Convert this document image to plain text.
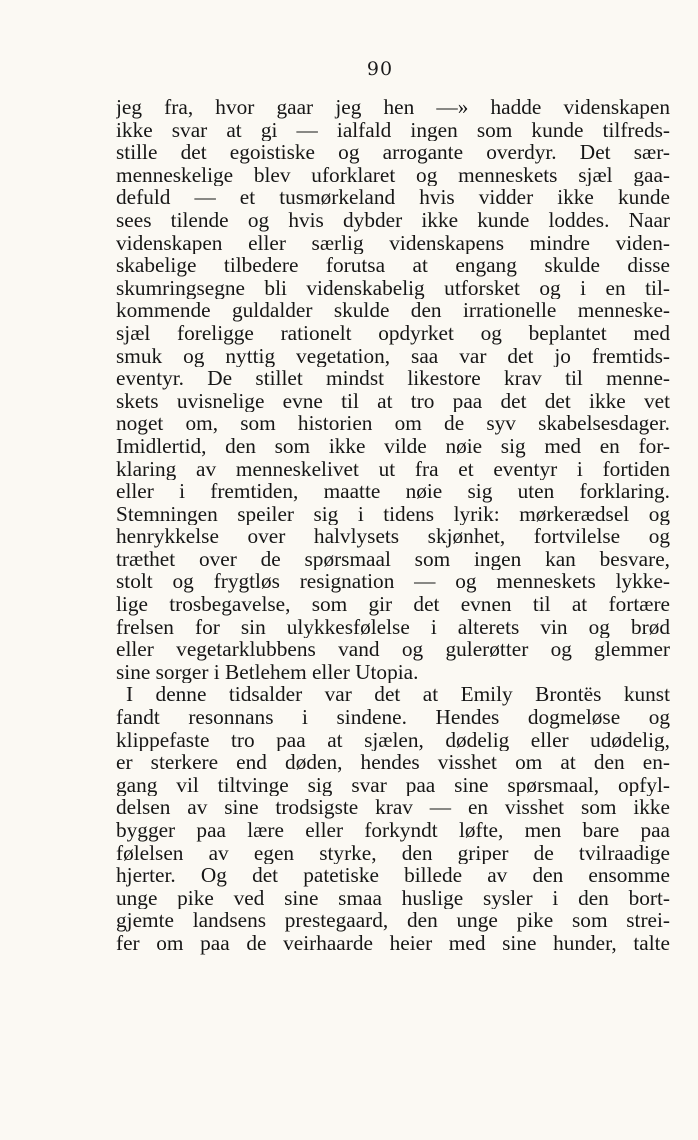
90
jeg fra, hvor gaar jeg hen —» hadde videnskapen
ikke svar at gi — ialfald ingen som kunde tilfreds-
stille det egoistiske og arrogante overdyr. Det sær-
menneskelige blev uforklaret og menneskets sjæl gaa-
defuld — et tusmørkeland hvis vidder ikke kunde
sees tilende og hvis dybder ikke kunde loddes. Naar
videnskapen eller særlig videnskapens mindre viden-
skabelige tilbedere forutsa at engang skulde disse
skumringsegne bli videnskabelig utforsket og i en til-
kommende guldalder skulde den irrationelle menneske-
sjæl foreligge rationelt opdyrket og beplantet med
smuk og nyttig vegetation, saa var det jo fremtids-
eventyr. De stillet mindst likestore krav til menne-
skets uvisnelige evne til at tro paa det det ikke vet
noget om, som historien om de syv skabelsesdager.
Imidlertid, den som ikke vilde nøie sig med en for-
klaring av menneskelivet ut fra et eventyr i fortiden
eller i fremtiden, maatte nøie sig uten forklaring.
Stemningen speiler sig i tidens lyrik: mørkerædsel og
henrykkelse over halvlysets skjønhet, fortvilelse og
træthet over de spørsmaal som ingen kan besvare,
stolt og frygtløs resignation — og menneskets lykke-
lige trosbegavelse, som gir det evnen til at fortære
frelsen for sin ulykkesfølelse i alterets vin og brød
eller vegetarklubbens vand og gulerøtter og glemmer
sine sorger i Betlehem eller Utopia.
I denne tidsalder var det at Emily Brontës kunst
fandt resonnans i sindene. Hendes dogmeløse og
klippefaste tro paa at sjælen, dødelig eller udødelig,
er sterkere end døden, hendes visshet om at den en-
gang vil tiltvinge sig svar paa sine spørsmaal, opfyl-
delsen av sine trodsigste krav — en visshet som ikke
bygger paa lære eller forkyndt løfte, men bare paa
følelsen av egen styrke, den griper de tvilraadige
hjerter. Og det patetiske billede av den ensomme
unge pike ved sine smaa huslige sysler i den bort-
gjemte landsens prestegaard, den unge pike som strei-
fer om paa de veirhaarde heier med sine hunder, talte
